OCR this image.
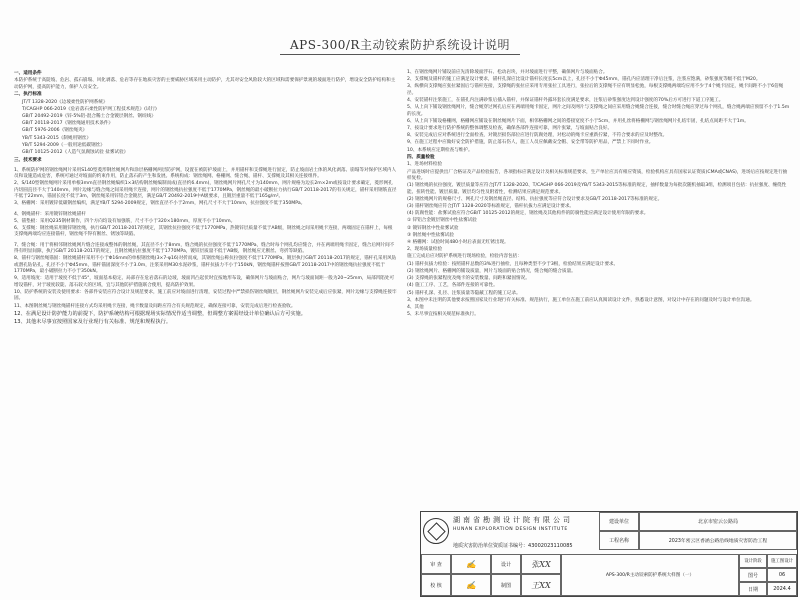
APS-300/R主动铰索防护系统设计说明

一、适用条件

本防护系统于高陡坡、危岩、孤石崩塌、风化剥落、危岩等存在地质灾害的主要威胁区域采用主动防护，尤其对安全风险较大的区域和需要保护景观的坡面进行防护，增设安全防护结构和主动防护网，提高防护能力，保护人员安全。

二、执行标准

JT/T 1328-2020《边坡柔性防护网系统》

T/CAGHP 066-2019《危岩落石柔性防护网工程技术规范》(试行)

GB/T 20492-2019《锌-5%铝-混合稀土合金镀层钢丝、钢绞线》

GB/T 20118-2017《钢丝绳通用技术条件》

GB/T 5976-2006《钢丝绳夹》

YB/T 5343-2015《制绳用钢丝》

YB/T 5294-2009《一般用途低碳钢丝》

GB/T 10125-2012《人造气氛腐蚀试验 盐雾试验》

三、技术要求

1、系统防护网的钢丝绳网片采用S140型菱形钢丝绳网片和涂层格栅网两层防护网，设置在被防护坡面上，并用锚杆和支撑绳进行固定，防止坡面岩土体的风化剥落、崩塌等对保护区域内人员和设施造成危害，系统可通过对坡面的约束作用，防止落石的产生和发展。系统构成：钢丝绳网、格栅网、缝合绳、锚杆、支撑绳及其相关连接组件。

2、S/140型钢丝绳网片采用单根3mm直径钢丝绳编织1×3结构钢丝绳编制而成(直径约6.4mm)，钢丝绳网片网孔尺寸为140mm，网片规格为边长2m×2m或按设计要求确定，菱形网孔内切圆直径不大于140mm，网片边缘与缝合绳之间采用绳卡连接，网片的钢丝绳抗拉强度不低于1770MPa，钢丝绳的最小破断拉力执行GB/T 20118-2017的有关规定，锚杆采用钢筋直径不低于22mm，锚固长度不低于3m，钢丝绳采用锌铝合金镀层，满足GB/T 20492-2019中A级要求，且镀层重量不低于165g/m²。

3、格栅网：采用镀锌低碳钢丝编织，满足YB/T 5294-2009规定，钢丝直径不小于2mm，网孔尺寸不大于10mm，抗拉强度不低于350MPa。

4、钢绳锚杆：采用镀锌钢丝绳锚杆

5、锚垫板：采用Q235钢材制作，四个方向均设有加强筋，尺寸不小于320×180mm，厚度不小于10mm。

6、支撑绳：钢丝绳采用镀锌钢丝绳，执行GB/T 20118-2017的规定，其钢丝抗拉强度不低于1770MPa，热镀锌层质量不低于AB级，钢丝绳之间采用绳卡连接，两端固定在锚杆上，每根支撑绳两端均应连接锚杆，钢丝绳不得有断丝、锈蚀等缺陷。

7、缝合绳：用于将相邻钢丝绳网片缝合连接成整体的钢丝绳，其直径不小于8mm，缝合绳的抗拉强度不低于1770MPa，缝合时每个网孔均应缝合，并在两端用绳卡固定，缝合后网片间不得有明显间隙，执行GB/T 20118-2017的规定，且钢丝绳抗拉强度不低于1770MPa，镀锌层质量不低于AB级，钢丝绳应无断丝、弯折等缺陷。

8、锚杆与钢丝绳锚固：钢丝绳锚杆采用不小于Φ16mm的单根钢丝绳(3×7-φ16)对折而成，其钢丝绳公称抗拉强度不低于1770MPa，镀层执行GB/T 20118-2017的规定，锚杆孔采用风钻或潜孔钻钻孔，孔径不小于Φ45mm，锚杆锚固深度不小于3.0m，注浆采用M30水泥砂浆，锚杆抗拔力不小于150kN，钢丝绳锚杆按照GB/T 20118-2017中的钢丝绳抗拉强度不低于1770MPa，最小破断拉力不小于350kN。

9、适用坡度：适用于坡度不低于45°，坡面基本稳定、局部存在危岩落石的边坡，坡面凹凸起伏时宜按地形布设，确保网片与坡面贴合，网片与坡面间距一般为20~25mm，局部凹陷处可增设锚杆，对于坡度较陡、落石较大的区域，宜与其他防护措施联合使用，提高防护效果。

10、防护系统的安装及使用要求：各部件安装应符合设计及规范要求，施工前应对坡面进行清理，安装过程中严禁损伤钢丝绳镀层，钢丝绳网片安装完成后应张紧，网片边缘与支撑绳连接牢固。

11、本图钢丝绳与钢丝绳锚杆连接方式均采用绳卡连接，绳卡数量及间距应符合有关规范规定，确保连接可靠，安装完成后进行检查验收。

12、在满足设计防护能力的前提下，防护系统结构可根据现场实际情况作适当调整，但调整方案需经设计单位确认后方可实施。

13、其他未尽事宜按照国家及行业现行有关标准、规范和规程执行。

1、在钢丝绳网片铺设前应先清除坡面浮石、松动岩块，并对坡面进行平整，确保网片与坡面贴合。

2、支撑绳及锚杆的施工应满足设计要求，锚杆孔深应比设计锚杆长度长5cm以上，孔径不小于Φ45mm，锚孔内应清理干净后注浆，注浆应饱满，砂浆强度等级不低于M20。

3、纵横向支撑绳应张拉紧固后与锚杆连接，支撑绳的张拉应采用专用张拉工具进行，张拉后的支撑绳不应有明显松弛，每根支撑绳两端均应用不少于4个绳卡固定，绳卡间距不小于6倍绳径。

4、安装锚杆注浆施工，在锚孔内注满砂浆后插入锚杆，并保证锚杆外露环套长度满足要求，注浆后砂浆强度达到设计强度的70%后方可进行下道工序施工。

5、从上向下铺设钢丝绳网片，缝合绳穿过网孔后应在两端用绳卡固定，网片之间及网片与支撑绳之间应采用缝合绳缝合连接，缝合时缝合绳应穿过每个网孔，缝合绳两端应预留不小于1.5m的长度。

6、从上向下铺设格栅网，格栅网应铺设在钢丝绳网片下面，相邻格栅网之间的搭接宽度不小于5cm，并用扎丝将格栅网与钢丝绳网片扎结牢固，扎结点间距不大于1m。

7、按设计要求进行防护系统的整体调整及检查，确保各部件连接可靠，网片张紧，与坡面贴合良好。

8、安装完成后应对系统进行全面检查，对镀层损伤部位应进行防腐处理，对松动的绳卡应重新拧紧，不符合要求的应及时整改。

9、在施工过程中应做好安全防护措施，防止落石伤人，施工人员应佩戴安全帽、安全带等防护用品，严禁上下同时作业。

10、本系统应定期检查与维护。

四、质量检验

1、进场材料检验

产品进场时应提供出厂合格证及产品检验报告，各项指标应满足设计及相关标准规范要求，生产单位应具有相应资质，检验机构应具有国家认证资质(CMA或CNAS)，进场后应按规定进行抽样复检。

(1) 钢丝绳的抗拉强度、镀层质量等应符合JT/T 1328-2020、T/CAGHP 066-2019及YB/T 5343-2015等标准的规定，抽样数量为每批次随机抽取3组，检测项目包括：抗拉强度、缠绕性能、扭转性能、镀层质量、镀层均匀性及附着性，检测结果应满足规范要求。

(2) 钢丝绳网片的规格尺寸、网孔尺寸及钢丝绳直径、结构、抗拉强度等应符合设计要求及GB/T 20118-2017等标准的规定。

(3) 锚杆钢丝绳应符合JT/T 1328-2020等标准规定，锚杆抗拔力应满足设计要求。

(4) 防腐性能：盐雾试验应符合GB/T 10125-2012的规定，钢丝绳及其他构件的防腐性能应满足设计使用年限的要求。

① 锌铝合金镀层钢丝中性盐雾试验

② 镀锌钢丝中性盐雾试验

③ 钢丝绳中性盐雾试验

④ 格栅网：试验时间480小时后表面无红锈出现。

2、现场质量检验

施工完成后应对防护系统进行现场检验，检验内容包括：

(1) 锚杆抗拔力检验：按照锚杆总数的3%进行抽检，且每种类型不少于3根，检验结果应满足设计要求。

(2) 钢丝绳网片、格栅网的铺设质量，网片与坡面的贴合情况，缝合绳的缝合质量。

(3) 支撑绳的张紧程度及绳卡的安装数量、间距和紧固情况。

(4) 施工工序、工艺，各部件连接的可靠性。

(5) 锚杆孔深、孔径、注浆质量等隐蔽工程的施工记录。

3、本图中未注明的其他要求按照国家及行业现行有关标准、规范执行，施工单位在施工前应认真阅读设计文件，熟悉设计意图，对设计中存在的问题及时与设计单位沟通。

4、其他

5、未尽事宜按相关规范标准执行。

湖南省勘测设计院有限公司
HUNAN EXPLORATION DESIGN INSTITUTE
地质灾害防治单位资质证书编号：43002023110085
建设单位	北京市密云公路局
工程名称	2023年密云区香涵公路沿线地质灾害防治工程
审 查	✍	设计	张XX
校 核	✍	制图	王XX
APS-300/R主动铰索防护系统大样图（一）
设计阶段	施工图设计
图号	06
日期	2024.4
